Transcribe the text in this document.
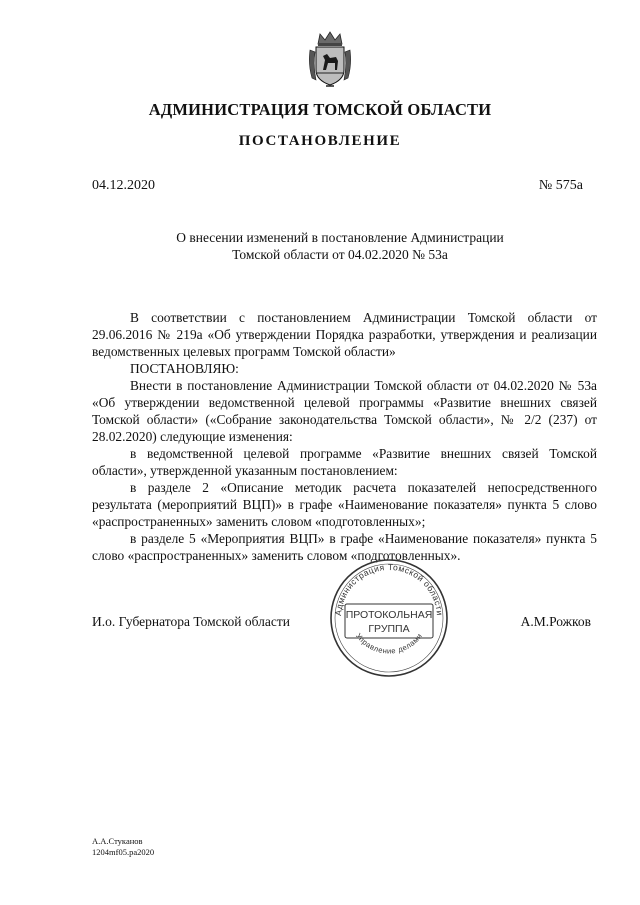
АДМИНИСТРАЦИЯ ТОМСКОЙ ОБЛАСТИ
ПОСТАНОВЛЕНИЕ
04.12.2020	№ 575а
О внесении изменений в постановление Администрации
Томской области от 04.02.2020 № 53а
В соответствии с постановлением Администрации Томской области от 29.06.2016 № 219а «Об утверждении Порядка разработки, утверждения и реализации ведомственных целевых программ Томской области»
ПОСТАНОВЛЯЮ:
Внести в постановление Администрации Томской области от 04.02.2020 № 53а «Об утверждении ведомственной целевой программы «Развитие внешних связей Томской области» («Собрание законодательства Томской области», № 2/2 (237) от 28.02.2020) следующие изменения:
в ведомственной целевой программе «Развитие внешних связей Томской области», утвержденной указанным постановлением:
в разделе 2 «Описание методик расчета показателей непосредственного результата (мероприятий ВЦП)» в графе «Наименование показателя» пункта 5 слово «распространенных» заменить словом «подготовленных»;
в разделе 5 «Мероприятия ВЦП» в графе «Наименование показателя» пункта 5 слово «распространенных» заменить словом «подготовленных».
И.о. Губернатора Томской области	А.М.Рожков
Администрация Томской области
ПРОТОКОЛЬНАЯ
ГРУППА
Управление делами
А.А.Стуканов
1204mf05.ра2020
